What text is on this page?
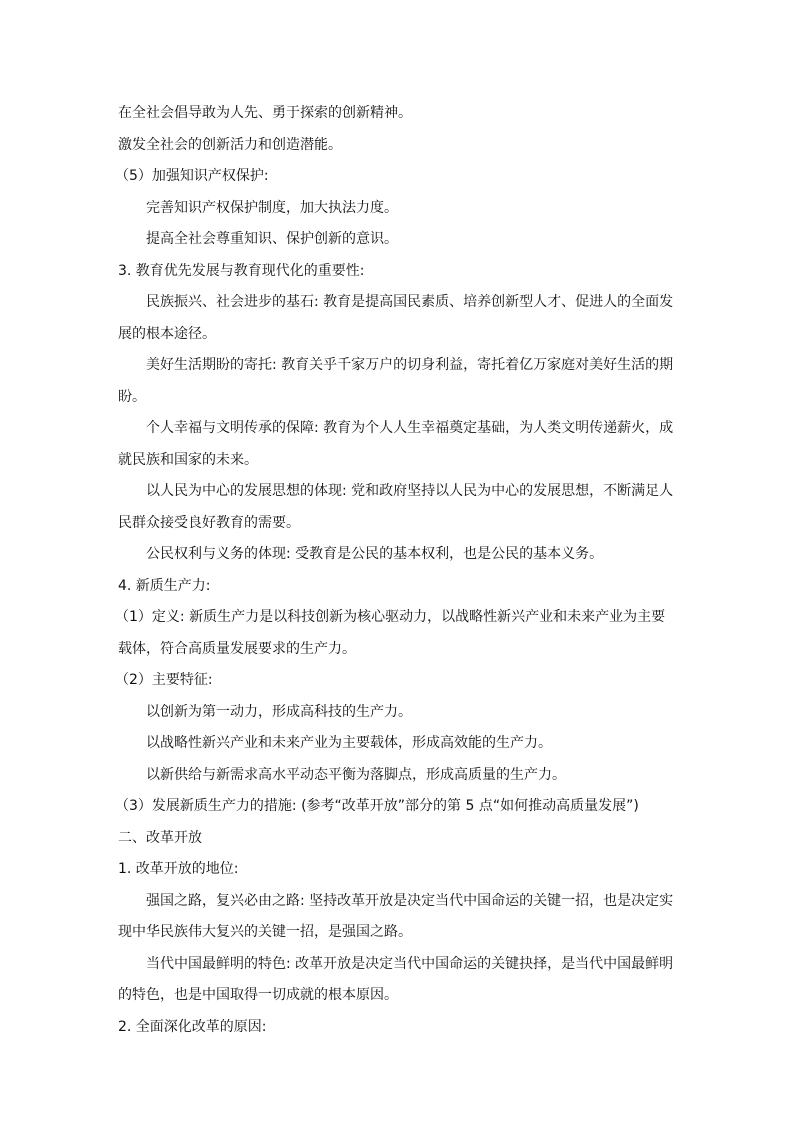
在全社会倡导敢为人先、勇于探索的创新精神。

激发全社会的创新活力和创造潜能。

（5）加强知识产权保护:

完善知识产权保护制度，加大执法力度。

提高全社会尊重知识、保护创新的意识。

3. 教育优先发展与教育现代化的重要性:

民族振兴、社会进步的基石: 教育是提高国民素质、培养创新型人才、促进人的全面发

展的根本途径。

美好生活期盼的寄托: 教育关乎千家万户的切身利益，寄托着亿万家庭对美好生活的期

盼。

个人幸福与文明传承的保障: 教育为个人人生幸福奠定基础，为人类文明传递薪火，成

就民族和国家的未来。

以人民为中心的发展思想的体现: 党和政府坚持以人民为中心的发展思想，不断满足人

民群众接受良好教育的需要。

公民权利与义务的体现: 受教育是公民的基本权利，也是公民的基本义务。

4. 新质生产力:

（1）定义: 新质生产力是以科技创新为核心驱动力，以战略性新兴产业和未来产业为主要

载体，符合高质量发展要求的生产力。

（2）主要特征:

以创新为第一动力，形成高科技的生产力。

以战略性新兴产业和未来产业为主要载体，形成高效能的生产力。

以新供给与新需求高水平动态平衡为落脚点，形成高质量的生产力。

（3）发展新质生产力的措施: (参考“改革开放”部分的第 5 点“如何推动高质量发展”)

二、改革开放

1. 改革开放的地位:

强国之路，复兴必由之路: 坚持改革开放是决定当代中国命运的关键一招，也是决定实

现中华民族伟大复兴的关键一招，是强国之路。

当代中国最鲜明的特色: 改革开放是决定当代中国命运的关键抉择，是当代中国最鲜明

的特色，也是中国取得一切成就的根本原因。

2. 全面深化改革的原因:
